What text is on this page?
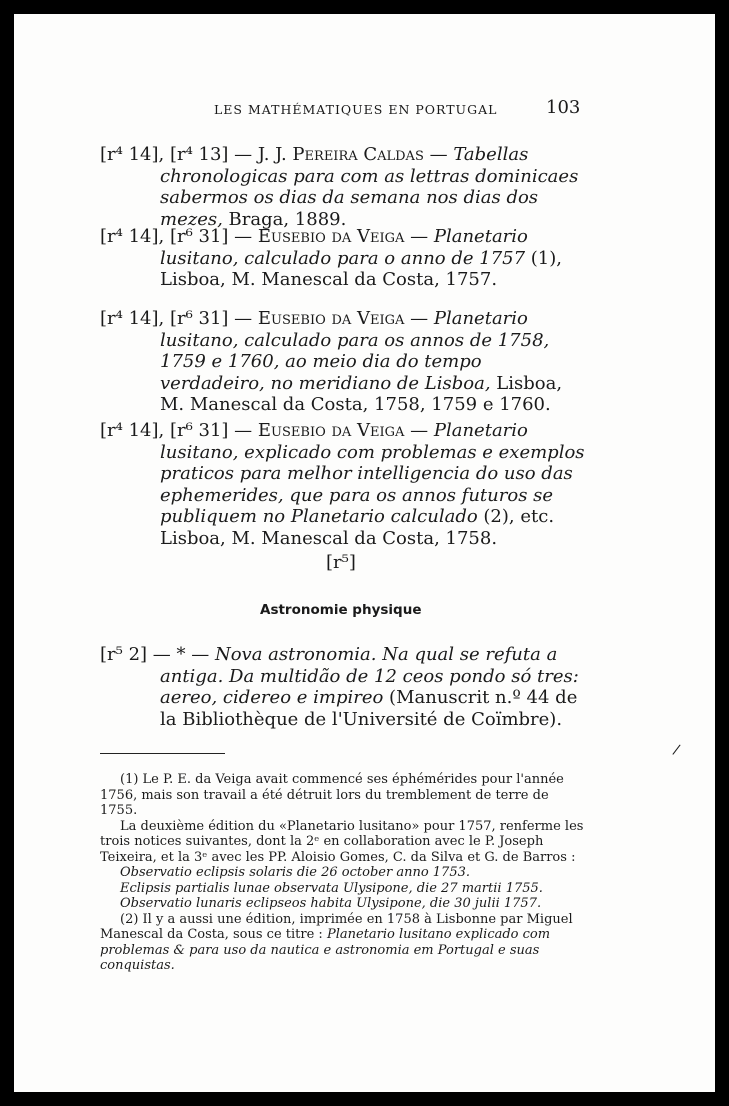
LES MATHÉMATIQUES EN PORTUGAL	103

[r⁴ 14], [r⁴ 13] — J. J. Pereira Caldas — Tabellas chronologicas para com as lettras dominicaes sabermos os dias da semana nos dias dos mezes, Braga, 1889.

[r⁴ 14], [r⁶ 31] — Eusebio da Veiga — Planetario lusitano, calculado para o anno de 1757 (1), Lisboa, M. Manescal da Costa, 1757.

[r⁴ 14], [r⁶ 31] — Eusebio da Veiga — Planetario lusitano, calculado para os annos de 1758, 1759 e 1760, ao meio dia do tempo verdadeiro, no meridiano de Lisboa, Lisboa, M. Manescal da Costa, 1758, 1759 e 1760.

[r⁴ 14], [r⁶ 31] — Eusebio da Veiga — Planetario lusitano, explicado com problemas e exemplos praticos para melhor intelligencia do uso das ephemerides, que para os annos futuros se publiquem no Planetario calculado (2), etc. Lisboa, M. Manescal da Costa, 1758.

[r⁵]
Astronomie physique

[r⁵ 2] — * — Nova astronomia. Na qual se refuta a antiga. Da multidão de 12 ceos pondo só tres: aereo, cidereo e impireo (Manuscrit n.º 44 de la Bibliothèque de l'Université de Coïmbre).

(1) Le P. E. da Veiga avait commencé ses éphémérides pour l'année 1756, mais son travail a été détruit lors du tremblement de terre de 1755.

La deuxième édition du «Planetario lusitano» pour 1757, renferme les trois notices suivantes, dont la 2ᵉ en collaboration avec le P. Joseph Teixeira, et la 3ᵉ avec les PP. Aloisio Gomes, C. da Silva et G. de Barros :

Observatio eclipsis solaris die 26 october anno 1753.

Eclipsis partialis lunae observata Ulysipone, die 27 martii 1755.

Observatio lunaris eclipseos habita Ulysipone, die 30 julii 1757.

(2) Il y a aussi une édition, imprimée en 1758 à Lisbonne par Miguel Manescal da Costa, sous ce titre : Planetario lusitano explicado com problemas & para uso da nautica e astronomia em Portugal e suas conquistas.

/
